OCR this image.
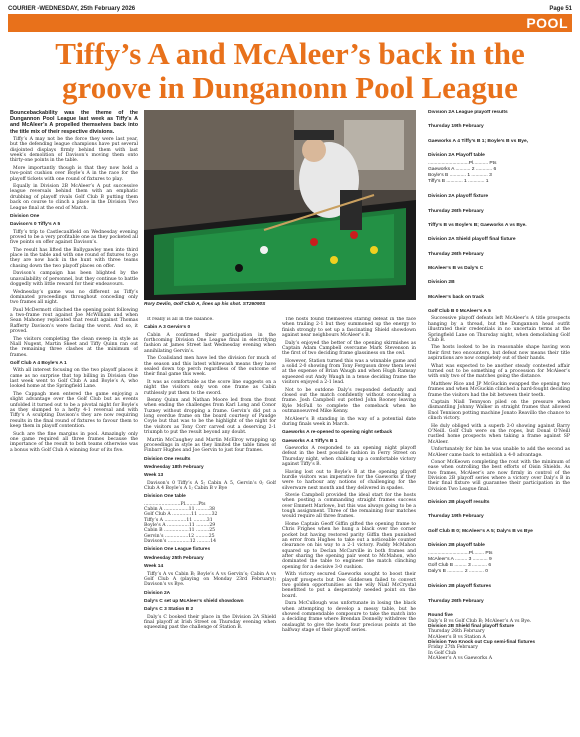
COURIER -WEDNESDAY, 25th February 2026	Page 51
POOL
Tiffy’s A and McAleer’s back in the groove in Dunganonn Pool League
Rory Devlin, Golf Club A, lines up his shot. ST26090S

Bouncebackability was the theme of the Dungannon Pool League last week as Tiffy’s A and McAleer’s A propelled themselves back into the title mix of their respective divisions.

Tiffy’s A may not be the force they were last year, but the defending league champions have put several disjointed displays firmly behind them with last week’s demolition of Davison’s moving them onto thirty-one points in the table.

More importantly though is that they now hold a two-point cushion over Boyle’s A in the race for the playoff tickets with one round of fixtures to play.

Equally in Division 2B McAleer’s A put successive league reversals behind them with an emphatic drubbing of playoff rivals Golf Club B putting them back on course to clinch a place in the Division Two League final at the end of March.

Division One

Davison’s 0 Tiffy’s A 5

Tiffy’s trip to Castlecaulfield on Wednesday evening proved to be a very profitable one as they pocketed all five points on offer against Davison’s.

The result has lifted the Ballygawley men into third place in the table and with one round of fixtures to go they are now back in the hunt with three teams chasing down the two playoff places on offer.

Davison’s campaign has been blighted by the unavailability of personnel, but they continue to battle doggedly with little reward for their endeavours.

Wednesday’s game was no different as Tiffy’s dominated proceedings throughout conceding only two frames all night.

Paul McDermott clinched the opening point following a two-frame rout against Joe McWilliam and when Sean Mahoney replicated that result against Thomas Rafferty Davison’s were facing the worst. And so, it proved.

The visitors completing the clean sweep in style as Niall Nugent, Martin Skeet and Tiffy Quinn ran out the remaining three clashes at the minimum of frames.

Golf Club A 4 Boyle’s A 1

With all interest focusing on the two playoff places it came as no surprise that top billing in Division One last week went to Golf Club A and Boyle’s A, who looked home at the Springfield Lane.

The Cappagh men entered the game enjoying a slight advantage over the Golf Club but as events unfolded it turned out to be a pivotal night for Boyle’s as they slumped to a hefty 4-1 reversal and with Tiffy’s A sculpting Davison’s they are now requiring results in the final round of fixtures to favour them to keep them in playoff contention.

Such are the fine margins in pool. Amazingly only one game required all three frames because the importance of the result to both teams otherwise was a bonus with Golf Club A winning four of its five.

It really is all in the balance.

Cabin A 3 Gervin’s 0

Cabin A confirmed their participation in the forthcoming Division One League final in electrifying fashion at James Street last Wednesday evening when annihilating Gervin’s.

The Coalisland men have led the division for much of the season and this latest whitewash means they have sealed down top perch regardless of the outcome of their final game this week.

It was as comfortable as the score line suggests on a night the visitors only won one frame as Cabin ruthlessly put them to the sword.

Benny Quinn and Nathan Moore led from the front when ending the challenges from Karl Long and Conor Tuzney without dropping a frame. Gervin’s did put a long overdue frame on the board courtesy of Paudge Coyle but that was to be the highlight of the night for the visitors as Tony Corr carved out a deserving 2-1 triumph to put the result beyond any doubt.

Martin McCaughey and Martin McElroy wrapping up proceedings in style as they limited the table times of Finbarr Hughes and Joe Gervin to just four frames.

Division One results

Wednesday 18th February

Week 13

Davison’s 0 Tiffy’s A 5; Cabin A 5, Gervin’s 0; Golf Club A 4 Boyle’s A 1; Cabin B v Bye

Division One table

.........................Pl.........Pts

Cabin A .................11 .........38

Golf Club A .............11 .........32

Tiffy’s A ...............11 .........31

Boyle’s A ...............11 .........29

Cabin B .................11 .........25

Gervin’s ................12 .........25

Davison’s ...............12 .........14

Division One League fixtures

Wednesday 25th February

Week 14

Tiffy’s A vs Cabin B; Boyle’s A vs Gervin’s; Cabin A vs Golf Club A (playing on Monday 23rd February); Davison’s vs Bye.

Division 2A

Daly’s C set up McAleer’s shield showdown

Daly’s C 3 Station B 2

Daly’s C booked their place in the Division 2A Shield final playoff at Irish Street on Thursday evening when squeezing past the challenge of Station B.

The hosts found themselves staring defeat in the face when trailing 2-1 but they summoned up the energy to finish strongly to set up a fascinating Shield showdown against near neighbours McAleer’s B.

Daly’s enjoyed the better of the opening skirmishes as Captain Adam Campbell overcame Mark Stevenson in the first of two deciding frame glassiness on the owl.

However, Station turned this was a winnable game and a solid 2-0 showing from Tony Ferguson drew them level at the expense of Brian Waugh and when Hugh Ramsay squeezed out Andy Waugh in a tense deciding frame the visitors enjoyed a 2-1 lead.

Not to be outdone Daly’s responded defiantly and closed out the match confidently without conceding a frame. Josh Campbell out potted John Rooney leaving Kyle McFall to complete the comeback when he outmanoeuvred Mike Kenny.

McAleer’s B standing in the way of a potential date during finals week in March.

Gaeworks A re-opened to opening night setback

Gaeworks A 4 Tiffy’s B 1

Gaeworks A responded to an opening night playoff defeat in the best possible fashion in Ferry Street on Thursday night, when chalking up a comfortable victory against Tiffy’s B.

Having lost out to Boyle’s B at the opening playoff hurdle visitors was imperative for the Gaeworks if they were to harbour any notions of challenging for the silverware next month and they delivered in spades.

Stevie Campbell provided the ideal start for the hosts when posting a commanding straight frames success over Emmett Marlowe, but this was always going to be a tough assignment. Three of the remaining four matches would require all three frames.

Home Captain Geoff Giffin gifted the opening frame to Chris Frighes when he hung a black over the corner pocket but having restored parity Giffin then punished an error from Hughes to take out a noticeable counter clearance on his way to a 2-1 victory. Paddy McMahon squared up to Declan McCarville in both frames and after sharing the opening pair went to McMahon, who dominated the table to engineer the match clinching opening for a decisive 3-0 cushion.

With victory secured Gaeworks sought to boost their playoff prospects but Dee Giddersen failed to convert two golden opportunities as the wily Niall McCrystal benefitted to put a desperately needed point on the board.

Dara McCullough was unfortunate in losing the black when attempting to develop a messy table, but he showed commendable composure to take the match into a deciding frame where Brendan Donnelly withdrew the onslaught to give the hosts four precious points at the halfway stage of their playoff series.

Division 2A League playoff results

Thursday 19th February

Gaeworks A 4 Tiffy’s B 1; Boyle’s B vs Bye,

Division 2A Playoff table

..............................Pl........... Pts
Gaeworks A ........... 2 ............ 6
Boyle’s B ............ 1 ............ 3
Tiffy’s B ............ 1 ............ 1

Division 2A playoff fixture

Thursday 26th February

Tiffy’s B vs Boyle’s B; Gaeworks A vs Bye.

Division 2A Shield playoff final fixture

Thursday 26th February

McAleer’s B vs Daly’s C

Division 2B

McAleer’s back on track

Golf Club B 0 McAleer’s A 5

Successive playoff defeats left McAleer’s A title prospects hanging by a thread, but the Dungannon head outfit illustrated their credentials in no uncertain terms at the Springfield Lane on Thursday night, when demolishing Golf Club B.

The hosts looked to be in reasonable shape having won their first two encounters, but defeat now means their title aspirations are now completely out of their hands.

What was expected to be another steady contested affair turned out to be something of a procession for McAleer’s with only two of the matches going the distance.

Matthew Rice and JP McGuckin swapped the opening two frames and when McGuckin clinched a hard-fought deciding frame the visitors had the bit between their teeth.

Captain Niall Tennyson piled on the pressure when dismantling Johnny Walker in straight frames that allowed Enol Tennison potting machine Jonato Reavillo the chance to clinch victory.

He duly obliged with a superb 2-0 showing against Barry O’Neill. Golf Club were on the ropes, but Donal O’Neill rustled home prospects when taking a frame against SP McAleer.

Unfortunately for him he was unable to add the second as McAleer came back to establish a 4-0 advantage.

Conor McKeown completing the rout with the minimum of ease when outrolling the best efforts of Oisin Shields. As two frames, McAleer’s are now firmly in control of the Division 2B playoff series where a victory over Daly’s B in their final fixture will guarantee their participation in the Division Two League final.

Division 2B playoff results

Thursday 19th February

Golf Club B 0; McAleer’s A 5; Daly’s B vs Bye

Division 2B playoff table

..............................Pl........ Pts
McAleer’s A ......... 3 ........... 9
Golf Club B ......... 3 ........... 6
Daly’s B ............ 2 ........... 0

Division 2B playoff fixtures

Thursday 26th February

Round five

Daly’s B vs Golf Club B; McAleer’s A vs Bye.

Division 2B Shield final playoff fixture

Thursday 26th February

McAleer’s B vs Station A

Division Two Knock out Cup semi-final fixtures

Friday 27th February

In Golf Club

McAleer’s A vs Gaeworks A
